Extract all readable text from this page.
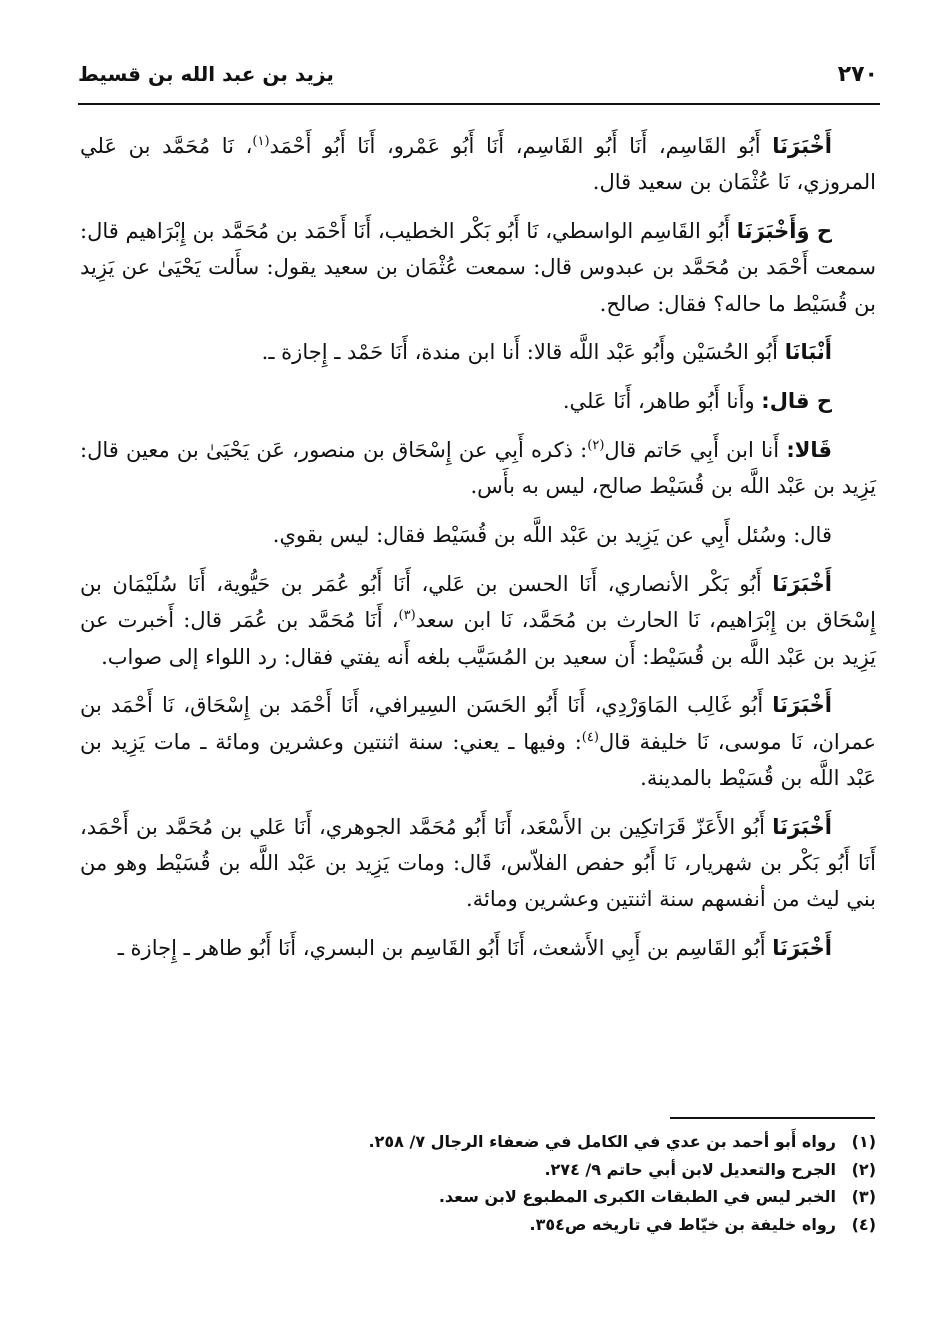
٢٧٠
يزيد بن عبد الله بن قسيط

أَخْبَرَنَا أَبُو القَاسِم، أَنَا أَبُو القَاسِم، أَنَا أَبُو عَمْرو، أَنَا أَبُو أَحْمَد$^{(١)}$، نَا مُحَمَّد بن عَلي المروزي، نَا عُثْمَان بن سعيد قال.

ح وَأَخْبَرَنَا أَبُو القَاسِم الواسطي، نَا أَبُو بَكْر الخطيب، أَنَا أَحْمَد بن مُحَمَّد بن إِبْرَاهيم قال: سمعت أَحْمَد بن مُحَمَّد بن عبدوس قال: سمعت عُثْمَان بن سعيد يقول: سأَلت يَحْيَىٰ عن يَزِيد بن قُسَيْط ما حاله؟ فقال: صالح.

أَنْبَانَا أَبُو الحُسَيْن وأَبُو عَبْد اللَّه قالا: أَنا ابن مندة، أَنَا حَمْد ـ إِجازة ـ.

ح قال: وأَنا أَبُو طاهر، أَنَا عَلي.

قَالا: أَنا ابن أَبِي حَاتم قال$^{(٢)}$: ذكره أَبِي عن إِسْحَاق بن منصور، عَن يَحْيَىٰ بن معين قال: يَزِيد بن عَبْد اللَّه بن قُسَيْط صالح، ليس به بأَس.

قال: وسُئل أَبِي عن يَزِيد بن عَبْد اللَّه بن قُسَيْط فقال: ليس بقوي.

أَخْبَرَنَا أَبُو بَكْر الأنصاري، أَنَا الحسن بن عَلي، أَنَا أَبُو عُمَر بن حَيُّوية، أَنَا سُلَيْمَان بن إِسْحَاق بن إِبْرَاهيم، نَا الحارث بن مُحَمَّد، نَا ابن سعد$^{(٣)}$، أَنَا مُحَمَّد بن عُمَر قال: أَخبرت عن يَزِيد بن عَبْد اللَّه بن قُسَيْط: أَن سعيد بن المُسَيَّب بلغه أَنه يفتي فقال: رد اللواء إلى صواب.

أَخْبَرَنَا أَبُو غَالِب المَاوَرْدِي، أَنَا أَبُو الحَسَن السِيرافي، أَنَا أَحْمَد بن إِسْحَاق، نَا أَحْمَد بن عمران، نَا موسى، نَا خليفة قال$^{(٤)}$: وفيها ـ يعني: سنة اثنتين وعشرين ومائة ـ مات يَزِيد بن عَبْد اللَّه بن قُسَيْط بالمدينة.

أَخْبَرَنَا أَبُو الأَعَزّ قَرَاتكِين بن الأَسْعَد، أَنَا أَبُو مُحَمَّد الجوهري، أَنَا عَلي بن مُحَمَّد بن أَحْمَد، أَنَا أَبُو بَكْر بن شهريار، نَا أَبُو حفص الفلاّس، قَال: ومات يَزِيد بن عَبْد اللَّه بن قُسَيْط وهو من بني ليث من أنفسهم سنة اثنتين وعشرين ومائة.

أَخْبَرَنَا أَبُو القَاسِم بن أَبِي الأَشعث، أَنَا أَبُو القَاسِم بن البسري، أَنَا أَبُو طاهر ـ إِجازة ـ

(١)رواه أَبو أحمد بن عدي في الكامل في ضعفاء الرجال ٧/ ٢٥٨.

(٢)الجرح والتعديل لابن أبي حاتم ٩/ ٢٧٤.

(٣)الخبر ليس في الطبقات الكبرى المطبوع لابن سعد.

(٤)رواه خليفة بن خيّاط في تاريخه ص٣٥٤.
